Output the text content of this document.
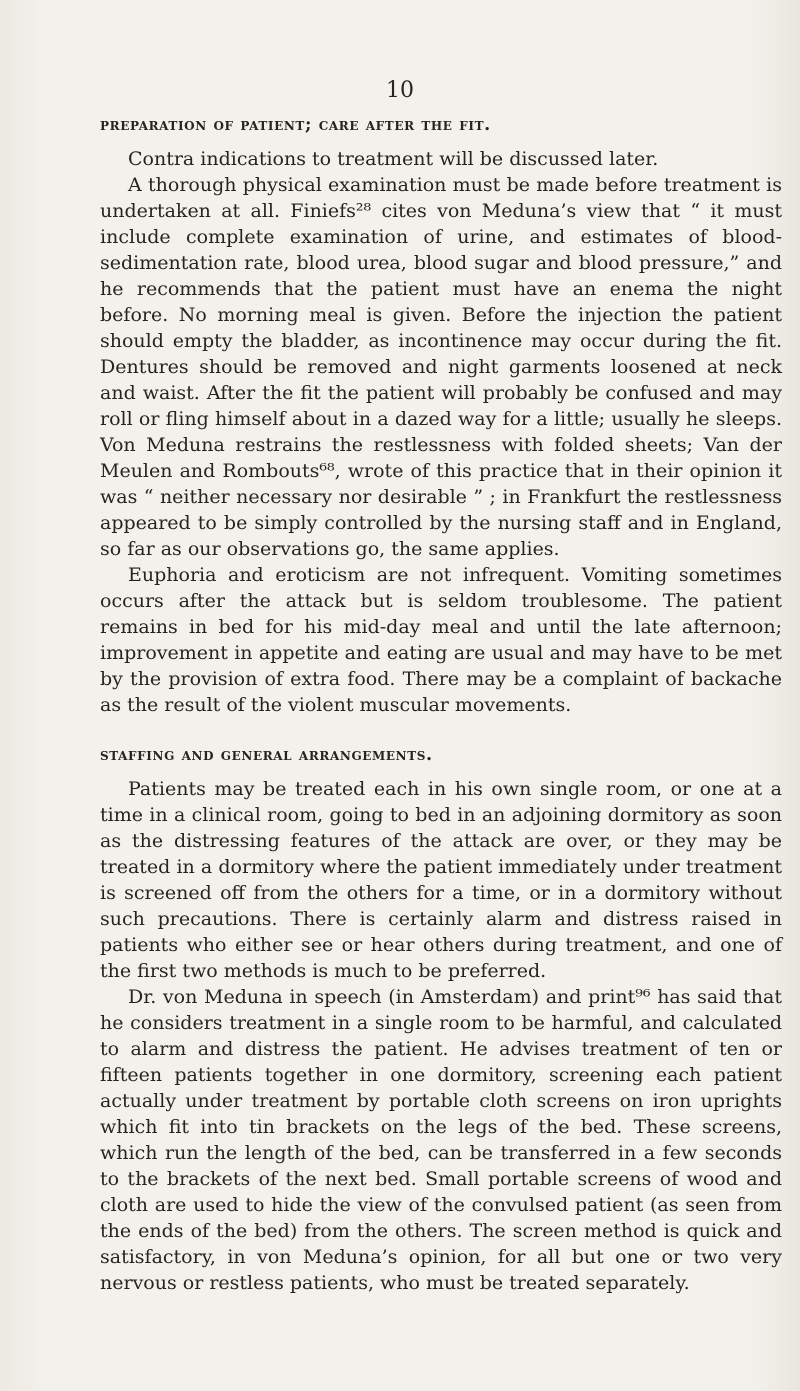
10
preparation of patient; care after the fit.

Contra indications to treatment will be discussed later.

A thorough physical examination must be made before treatment is undertaken at all. Finiefs²⁸ cites von Meduna’s view that “ it must include complete examination of urine, and estimates of blood-sedimentation rate, blood urea, blood sugar and blood pressure,” and he recommends that the patient must have an enema the night before. No morning meal is given. Before the injection the patient should empty the bladder, as incontinence may occur during the fit. Dentures should be removed and night garments loosened at neck and waist. After the fit the patient will probably be confused and may roll or fling himself about in a dazed way for a little; usually he sleeps. Von Meduna restrains the restlessness with folded sheets; Van der Meulen and Rombouts⁶⁸, wrote of this practice that in their opinion it was “ neither necessary nor desirable ” ; in Frankfurt the restlessness appeared to be simply controlled by the nursing staff and in England, so far as our observations go, the same applies.

Euphoria and eroticism are not infrequent. Vomiting sometimes occurs after the attack but is seldom troublesome. The patient remains in bed for his mid-day meal and until the late afternoon; improvement in appetite and eating are usual and may have to be met by the provision of extra food. There may be a complaint of backache as the result of the violent muscular movements.

staffing and general arrangements.

Patients may be treated each in his own single room, or one at a time in a clinical room, going to bed in an adjoining dormitory as soon as the distressing features of the attack are over, or they may be treated in a dormitory where the patient immediately under treatment is screened off from the others for a time, or in a dormitory without such precautions. There is certainly alarm and distress raised in patients who either see or hear others during treatment, and one of the first two methods is much to be preferred.

Dr. von Meduna in speech (in Amsterdam) and print⁹⁶ has said that he considers treatment in a single room to be harmful, and calculated to alarm and distress the patient. He advises treatment of ten or fifteen patients together in one dormitory, screening each patient actually under treatment by portable cloth screens on iron uprights which fit into tin brackets on the legs of the bed. These screens, which run the length of the bed, can be transferred in a few seconds to the brackets of the next bed. Small portable screens of wood and cloth are used to hide the view of the convulsed patient (as seen from the ends of the bed) from the others. The screen method is quick and satisfactory, in von Meduna’s opinion, for all but one or two very nervous or restless patients, who must be treated separately.
